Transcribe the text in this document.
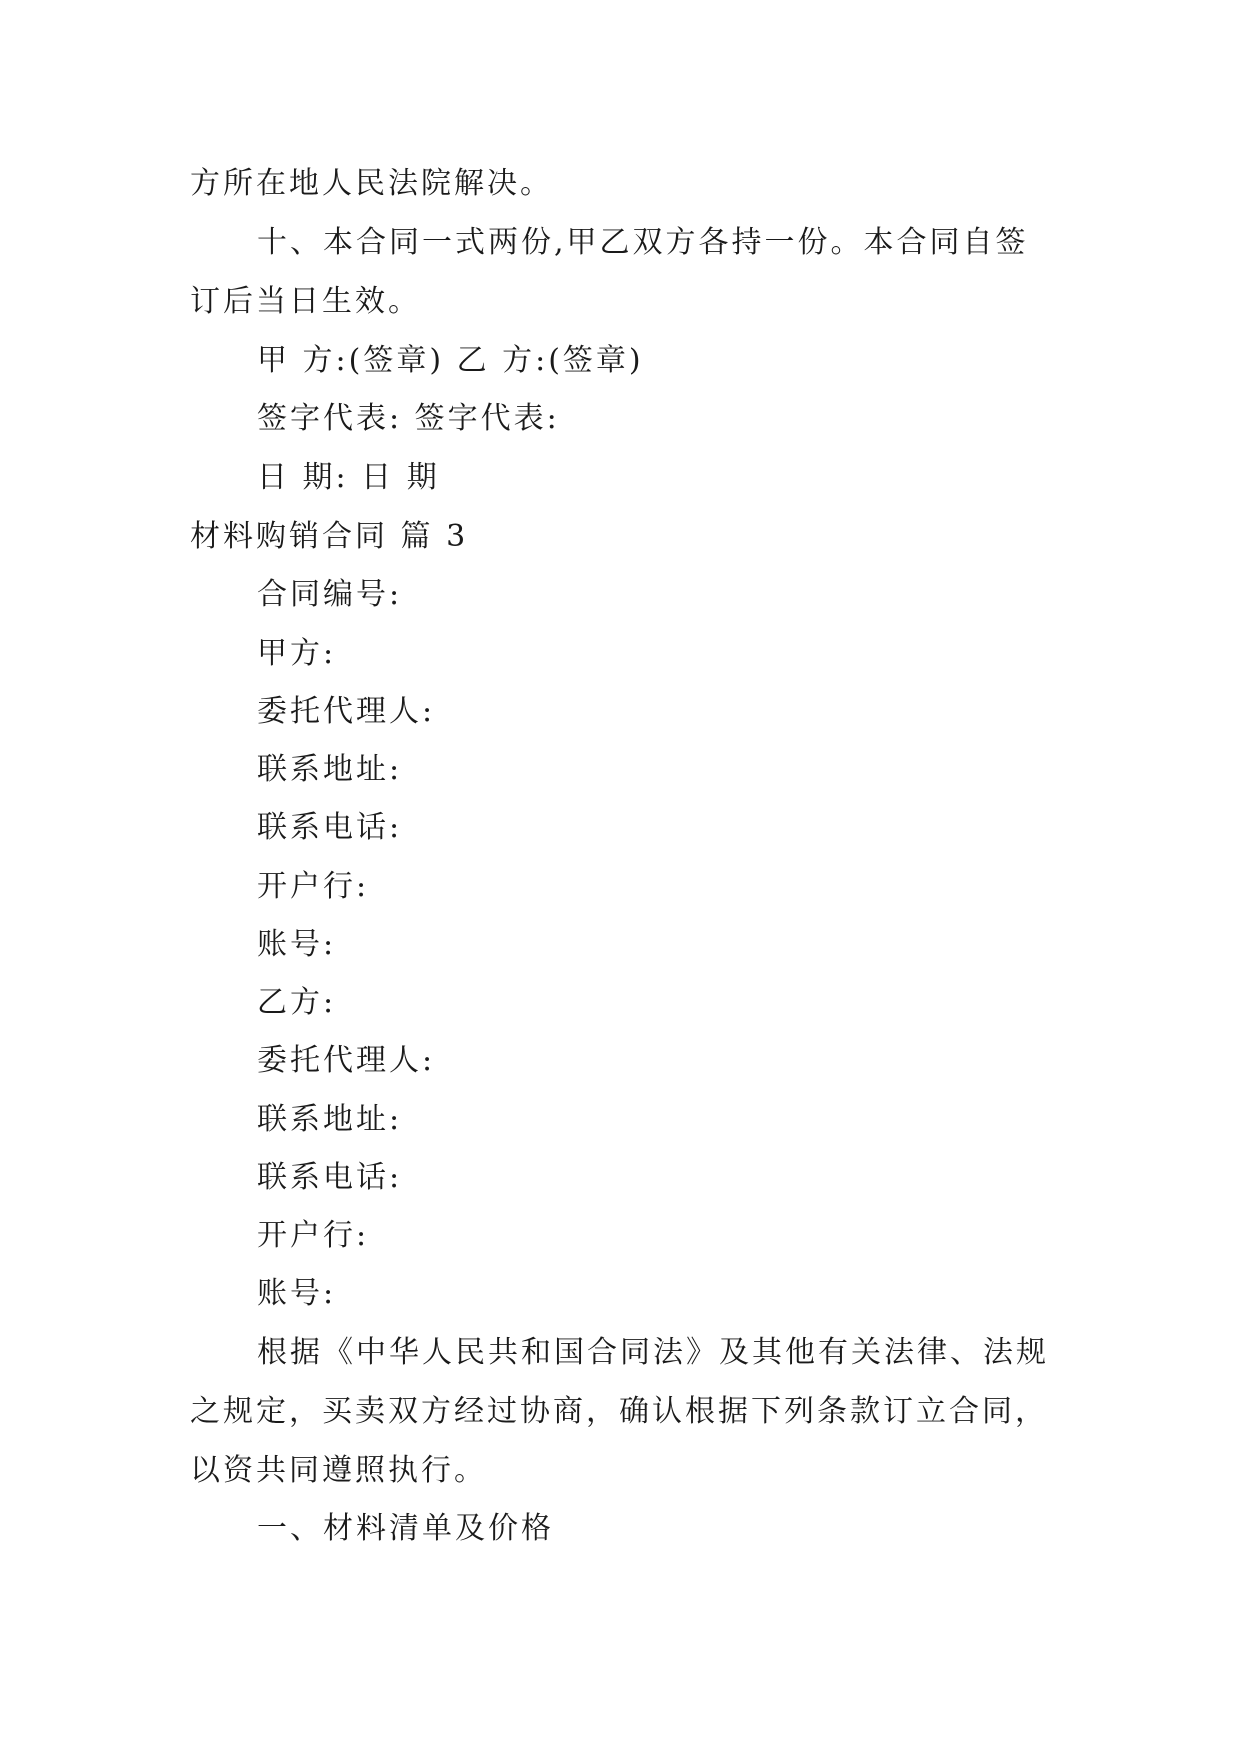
方所在地人民法院解决。
十、本合同一式两份,甲乙双方各持一份。本合同自签
订后当日生效。
甲 方:(签章) 乙 方:(签章)
签字代表: 签字代表:
日 期: 日 期
材料购销合同 篇 3
合同编号:
甲方:
委托代理人:
联系地址:
联系电话:
开户行:
账号:
乙方:
委托代理人:
联系地址:
联系电话:
开户行:
账号:
根据《中华人民共和国合同法》及其他有关法律、法规
之规定，买卖双方经过协商，确认根据下列条款订立合同，
以资共同遵照执行。
一、材料清单及价格
